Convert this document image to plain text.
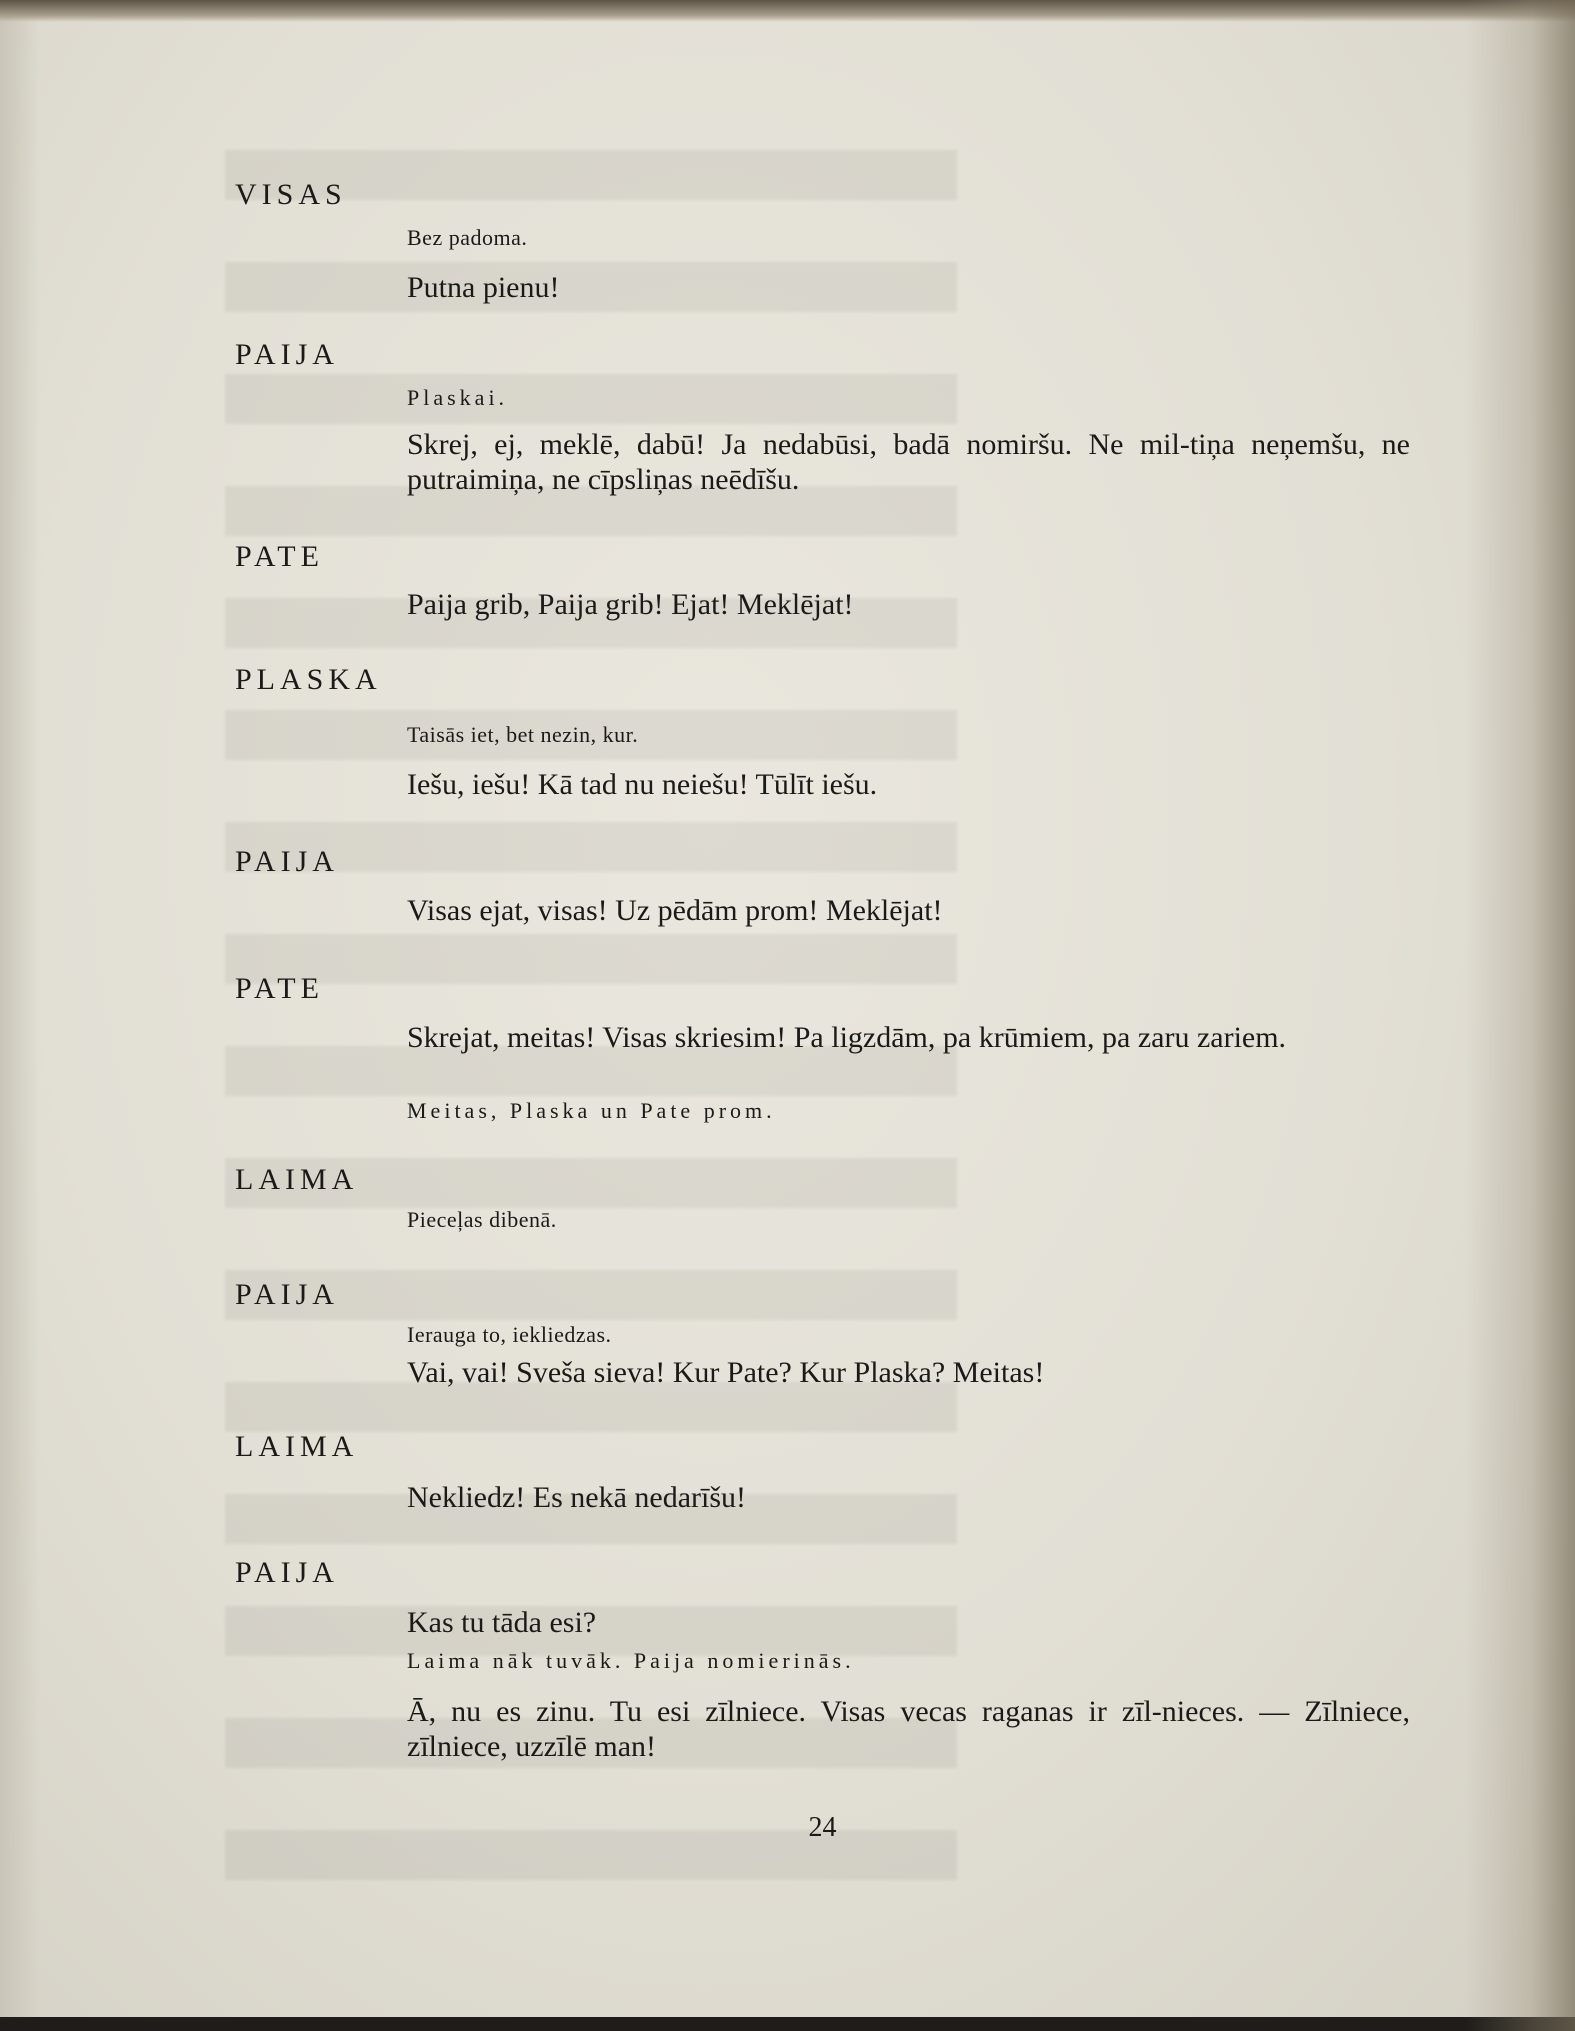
VISAS
Bez padoma.
Putna pienu!
PAIJA
Plaskai.
Skrej, ej, meklē, dabū! Ja nedabūsi, badā nomiršu. Ne mil-tiņa neņemšu, ne putraimiņa, ne cīpsliņas neēdīšu.
PATE
Paija grib, Paija grib! Ejat! Meklējat!
PLASKA
Taisās iet, bet nezin, kur.
Iešu, iešu! Kā tad nu neiešu! Tūlīt iešu.
PAIJA
Visas ejat, visas! Uz pēdām prom! Meklējat!
PATE
Skrejat, meitas! Visas skriesim! Pa ligzdām, pa krūmiem, pa zaru zariem.
Meitas, Plaska un Pate prom.
LAIMA
Pieceļas dibenā.
PAIJA
Ierauga to, iekliedzas.
Vai, vai! Sveša sieva! Kur Pate? Kur Plaska? Meitas!
LAIMA
Nekliedz! Es nekā nedarīšu!
PAIJA
Kas tu tāda esi?
Laima nāk tuvāk. Paija nomierinās.
Ā, nu es zinu. Tu esi zīlniece. Visas vecas raganas ir zīl-nieces. — Zīlniece, zīlniece, uzzīlē man!
24
